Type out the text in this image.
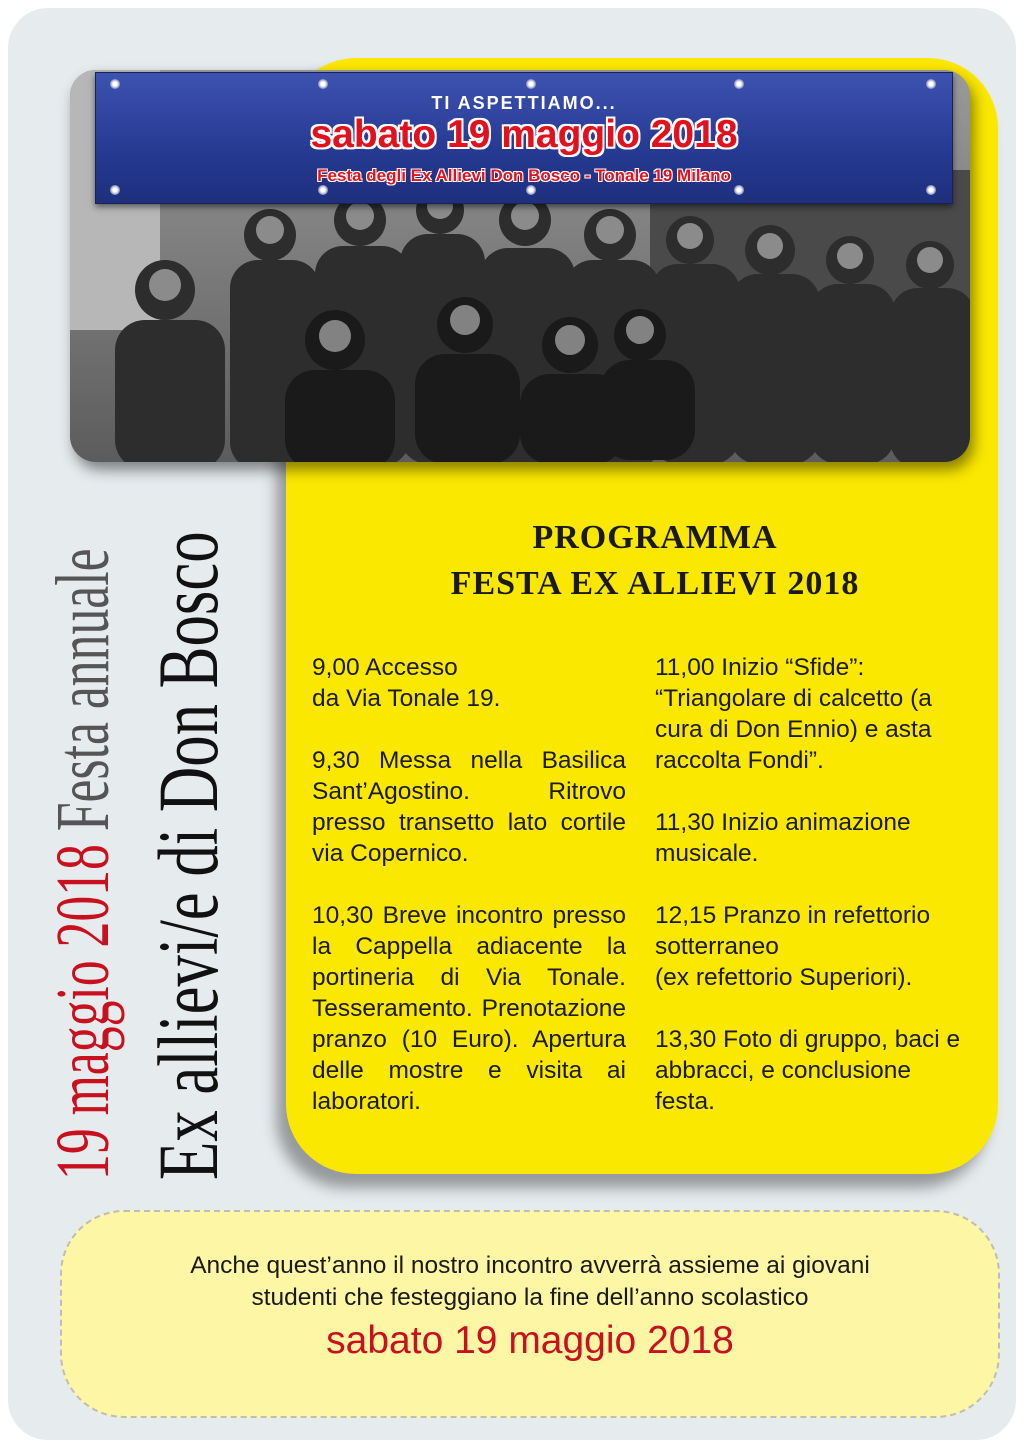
TI ASPETTIAMO...
sabato 19 maggio 2018
Festa degli Ex Allievi Don Bosco - Tonale 19 Milano
19 maggio 2018 Festa annuale Ex allievi/e di Don Bosco	PROGRAMMA
FESTA EX ALLIEVI 2018

9,00 Accesso
da Via Tonale 19.

9,30 Messa nella Basilica Sant’Agostino. Ritrovo presso transetto lato cortile via Copernico.

10,30 Breve incontro presso la Cappella adiacente la portineria di Via Tonale. Tesseramento. Prenotazione pranzo (10 Euro). Apertura delle mostre e visita ai laboratori.

11,00 Inizio “Sfide”: “Triangolare di calcetto (a cura di Don Ennio) e asta raccolta Fondi”.

11,30 Inizio animazione musicale.

12,15 Pranzo in refettorio sotterraneo
(ex refettorio Superiori).

13,30 Foto di gruppo, baci e abbracci, e conclusione festa.

Anche quest’anno il nostro incontro avverrà assieme ai giovani
studenti che festeggiano la fine dell’anno scolastico
sabato 19 maggio 2018
